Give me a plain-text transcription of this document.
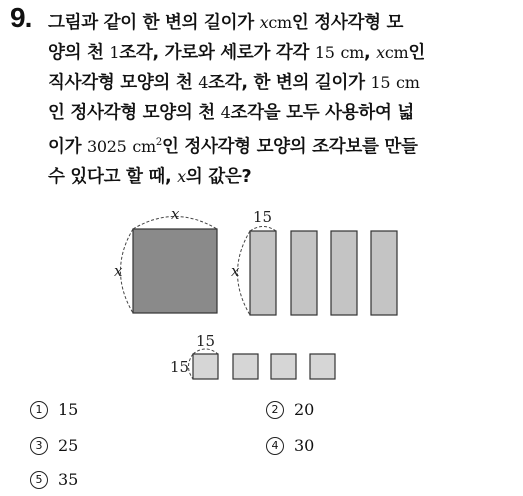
9. 그림과 같이 한 변의 길이가 xcm인 정사각형 모
양의 천 1조각, 가로와 세로가 각각 15 cm, xcm인
직사각형 모양의 천 4조각, 한 변의 길이가 15 cm
인 정사각형 모양의 천 4조각을 모두 사용하여 넓
이가 3025 $cm^2$인 정사각형 모양의 조각보를 만들
수 있다고 할 때, x의 값은?
x
x
15
x
15
15
1 15	2 20
3 25	4 30
5 35
